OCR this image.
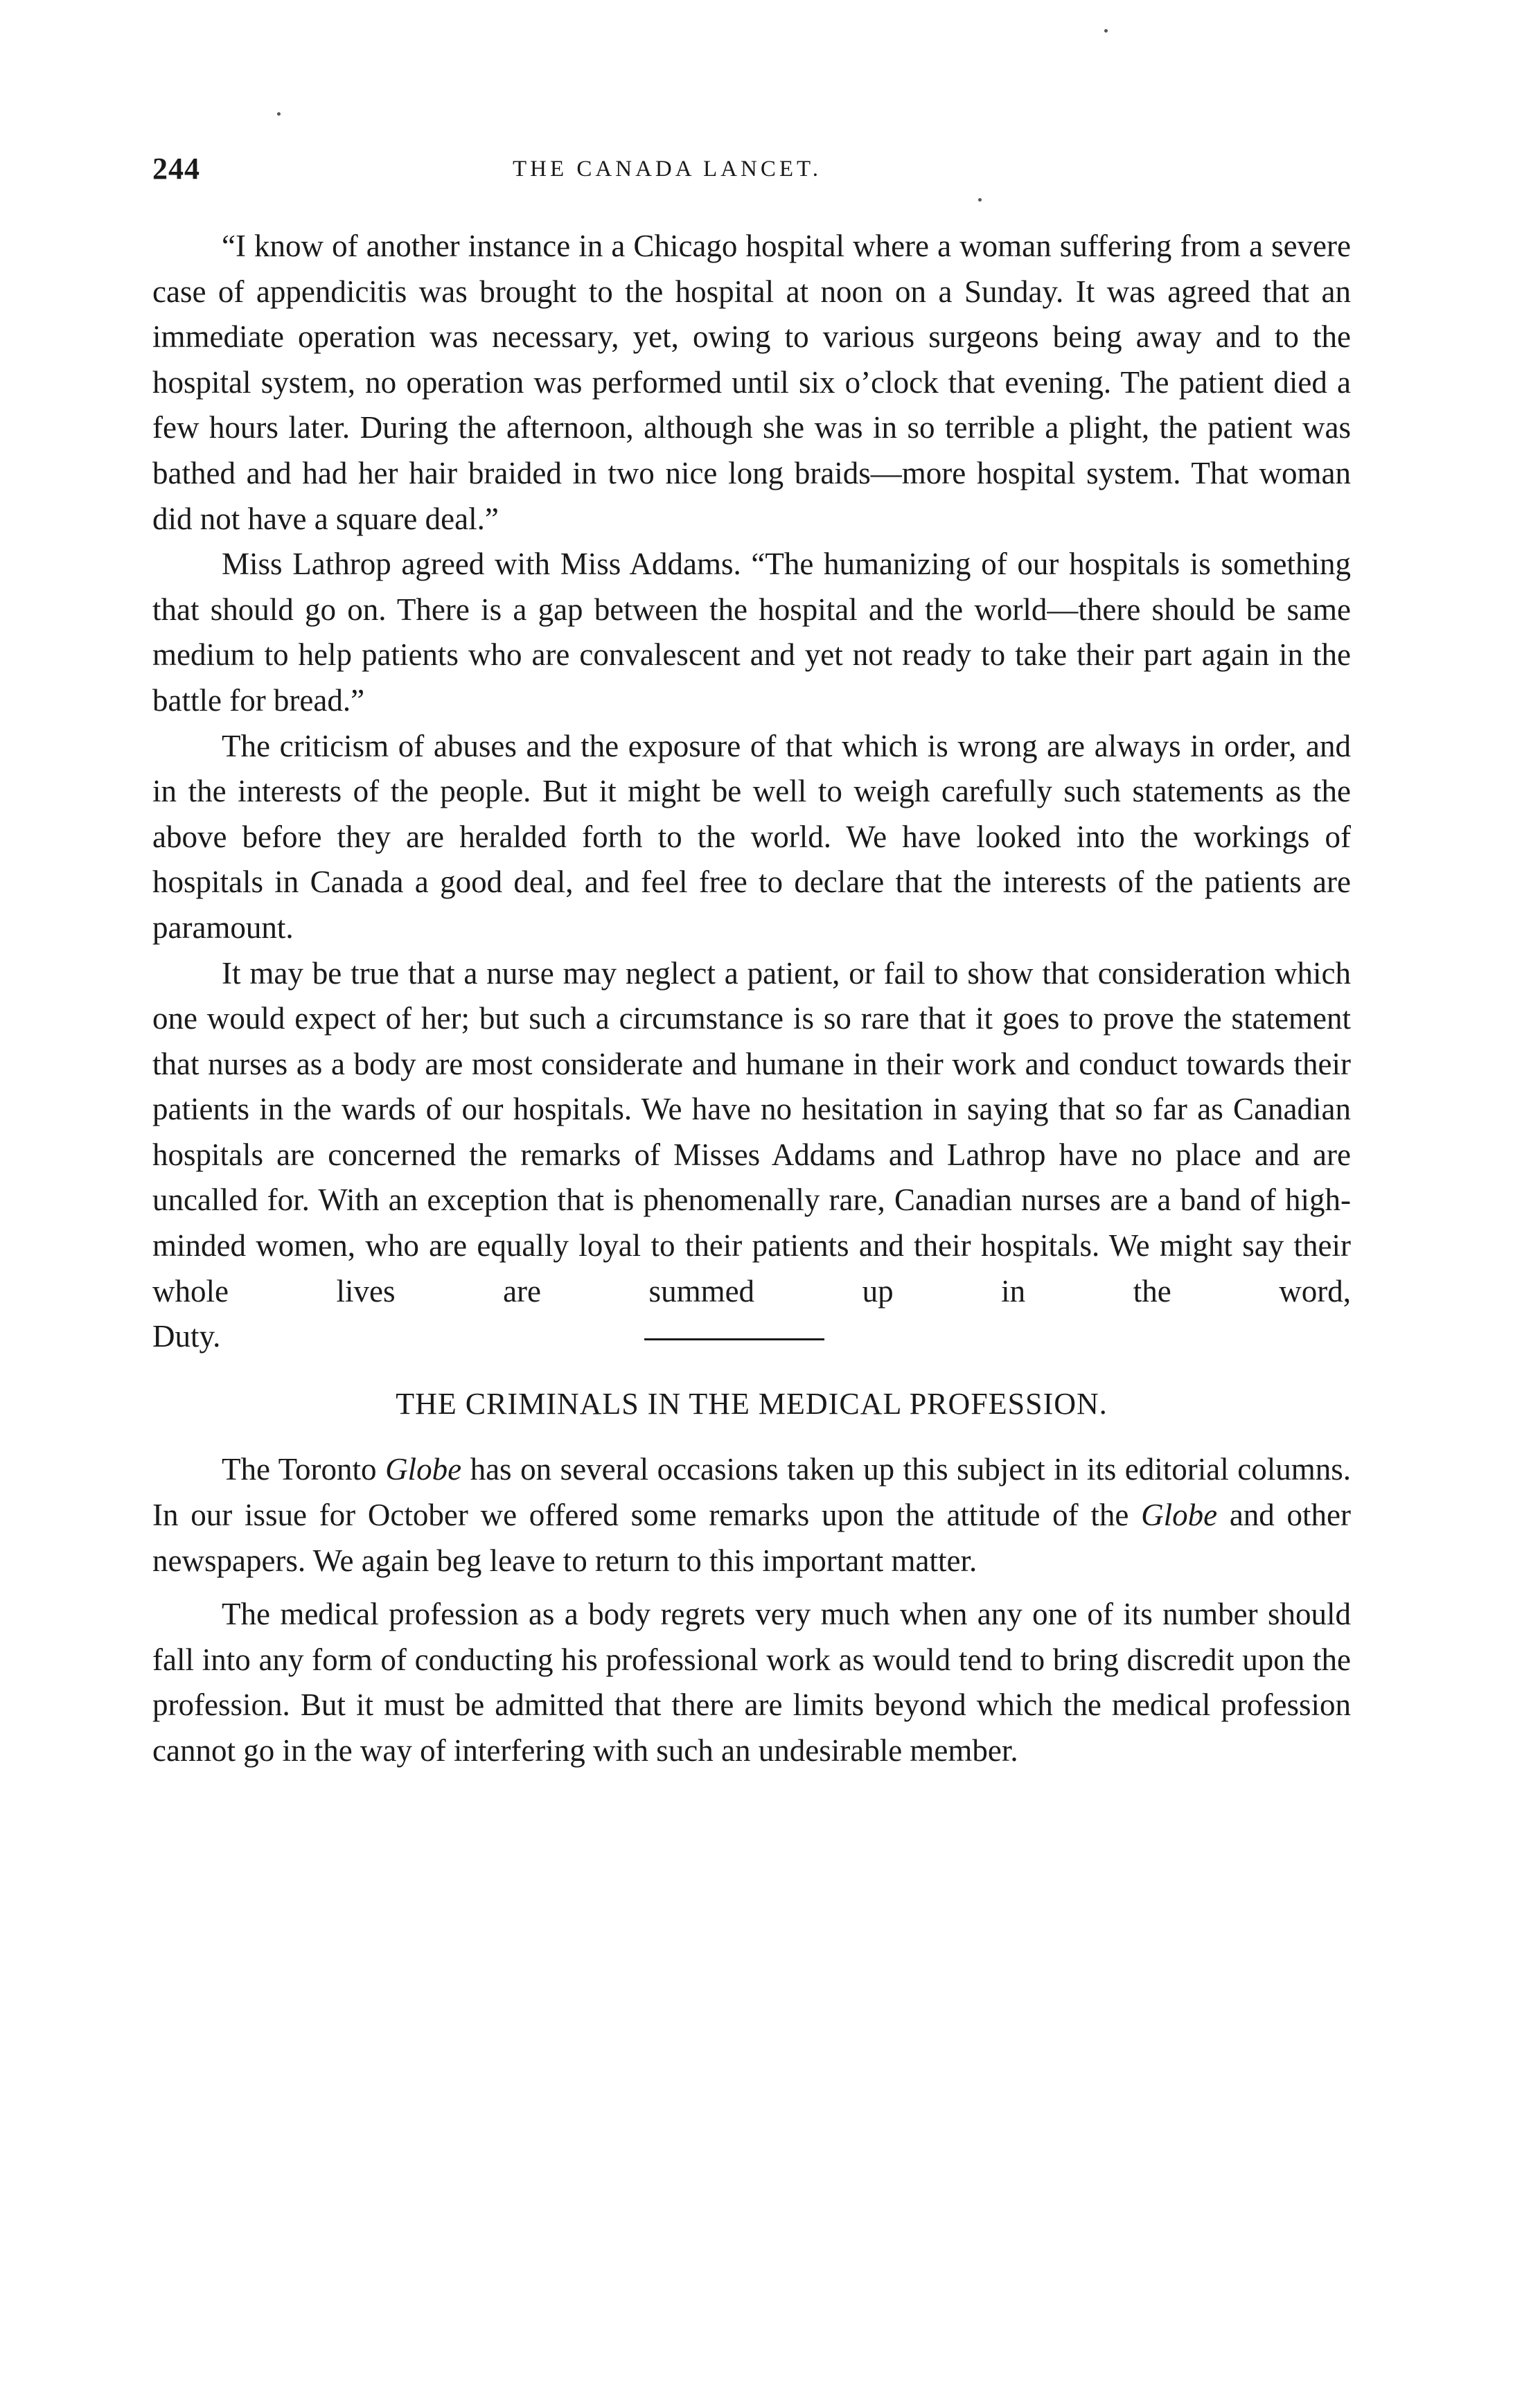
244	THE CANADA LANCET.

“I know of another instance in a Chicago hospital where a woman suffering from a severe case of appendicitis was brought to the hospital at noon on a Sunday. It was agreed that an immediate operation was necessary, yet, owing to various surgeons being away and to the hospital system, no operation was performed until six o’clock that evening. The patient died a few hours later. During the afternoon, although she was in so terrible a plight, the patient was bathed and had her hair braided in two nice long braids—more hospital system. That woman did not have a square deal.”

Miss Lathrop agreed with Miss Addams. “The humanizing of our hospitals is something that should go on. There is a gap between the hospital and the world—there should be same medium to help patients who are convalescent and yet not ready to take their part again in the battle for bread.”

The criticism of abuses and the exposure of that which is wrong are always in order, and in the interests of the people. But it might be well to weigh carefully such statements as the above before they are heralded forth to the world. We have looked into the workings of hospitals in Canada a good deal, and feel free to declare that the interests of the patients are paramount.

It may be true that a nurse may neglect a patient, or fail to show that consideration which one would expect of her; but such a circumstance is so rare that it goes to prove the statement that nurses as a body are most considerate and humane in their work and conduct towards their patients in the wards of our hospitals. We have no hesitation in saying that so far as Canadian hospitals are concerned the remarks of Misses Addams and Lathrop have no place and are uncalled for. With an exception that is phenomenally rare, Canadian nurses are a band of high-minded women, who are equally loyal to their patients and their hospitals. We might say their whole lives are summed up in the word,

Duty.
THE CRIMINALS IN THE MEDICAL PROFESSION.

The Toronto Globe has on several occasions taken up this subject in its editorial columns. In our issue for October we offered some remarks upon the attitude of the Globe and other newspapers. We again beg leave to return to this important matter.

The medical profession as a body regrets very much when any one of its number should fall into any form of conducting his professional work as would tend to bring discredit upon the profession. But it must be admitted that there are limits beyond which the medical profession cannot go in the way of interfering with such an undesirable member.
